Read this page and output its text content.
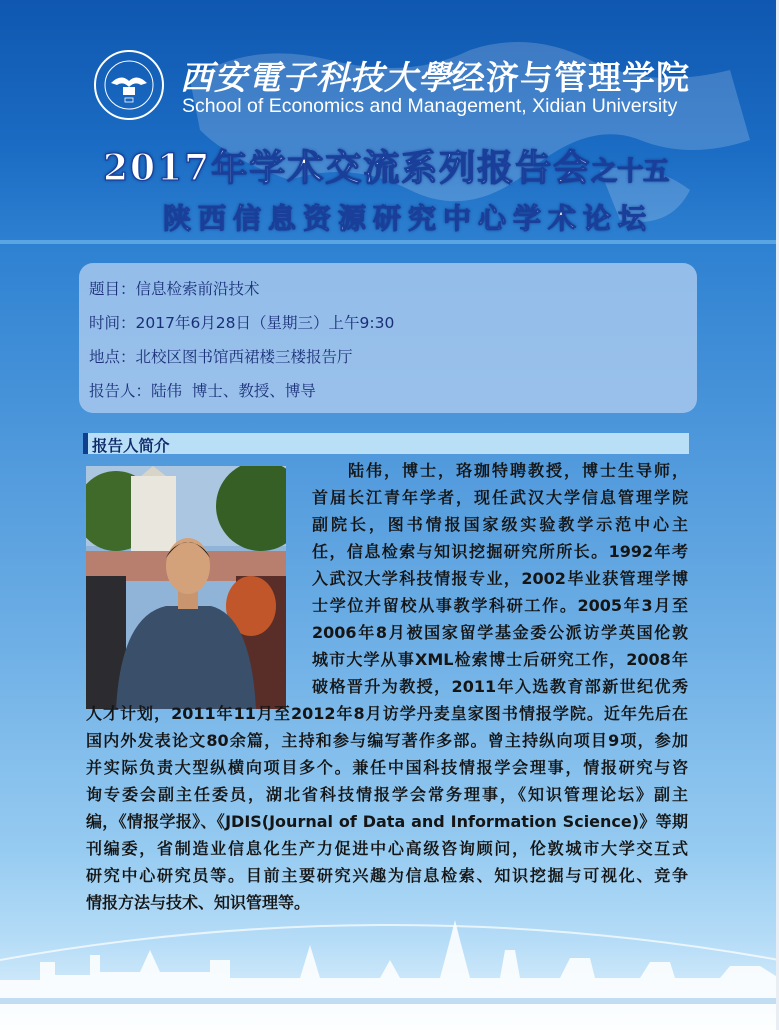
西安電子科技大學经济与管理学院
School of Economics and Management, Xidian University
2017年学术交流系列报告会之十五
陕西信息资源研究中心学术论坛
题目：信息检索前沿技术
时间：2017年6月28日（星期三）上午9:30
地点：北校区图书馆西裙楼三楼报告厅
报告人：陆伟  博士、教授、博导
报告人简介
　　陆伟，博士，珞珈特聘教授，博士生导师，
首届长江青年学者，现任武汉大学信息管理学院
副院长，图书情报国家级实验教学示范中心主
任，信息检索与知识挖掘研究所所长。1992年考
入武汉大学科技情报专业，2002毕业获管理学博
士学位并留校从事教学科研工作。2005年3月至
2006年8月被国家留学基金委公派访学英国伦敦
城市大学从事XML检索博士后研究工作，2008年
破格晋升为教授，2011年入选教育部新世纪优秀
人才计划，2011年11月至2012年8月访学丹麦皇家图书情报学院。近年先后在
国内外发表论文80余篇，主持和参与编写著作多部。曾主持纵向项目9项，参加
并实际负责大型纵横向项目多个。兼任中国科技情报学会理事，情报研究与咨
询专委会副主任委员，湖北省科技情报学会常务理事，《知识管理论坛》副主
编，《情报学报》、《JDIS(Journal of Data and Information Science)》等期
刊编委，省制造业信息化生产力促进中心高级咨询顾问，伦敦城市大学交互式
研究中心研究员等。目前主要研究兴趣为信息检索、知识挖掘与可视化、竞争
情报方法与技术、知识管理等。
